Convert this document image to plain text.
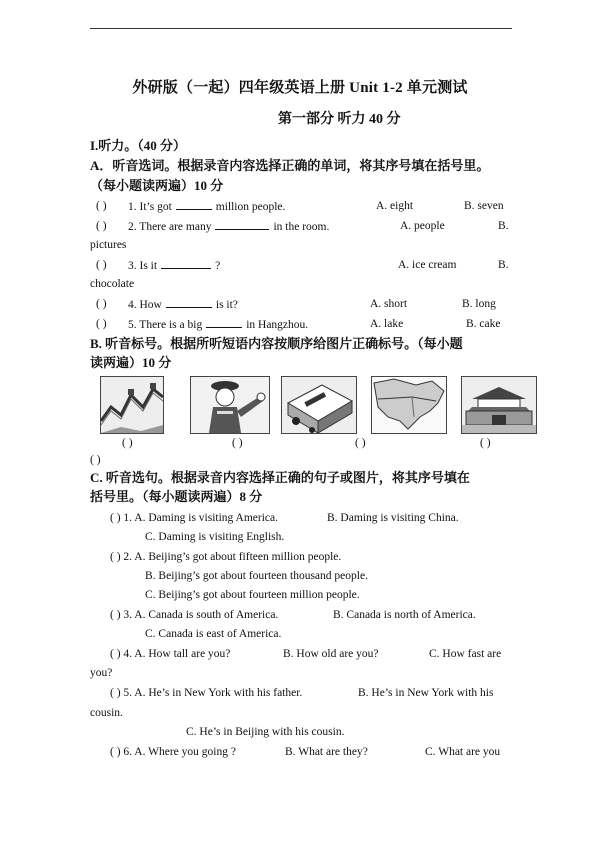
外研版（一起）四年级英语上册 Unit 1-2 单元测试
第一部分 听力 40 分
I.听力。（40 分）
A．听音选词。根据录音内容选择正确的单词，将其序号填在括号里。
（每小题读两遍）10 分
( ) 1. It’s got	million people.	A. eight	B. seven
( ) 2. There are many	in the room.	A. people	B.
pictures
( ) 3. Is it	?	A. ice cream	B.
chocolate
( ) 4. How	is it?	A. short	B. long
( ) 5. There is a big	in Hangzhou.	A. lake	B. cake
B. 听音标号。根据所听短语内容按顺序给图片正确标号。（每小题
读两遍）10 分
( )	( )	( )	( )
( )
C. 听音选句。根据录音内容选择正确的句子或图片，将其序号填在
括号里。（每小题读两遍）8 分
( ) 1. A. Daming is visiting America.	B. Daming is visiting China.
C. Daming is visiting English.
( ) 2. A. Beijing’s got about fifteen million people.
B. Beijing’s got about fourteen thousand people.
C. Beijing’s got about fourteen million people.
( ) 3. A. Canada is south of America.	B. Canada is north of America.
C. Canada is east of America.
( ) 4. A. How tall are you?	B. How old are you?	C. How fast are
you?
( ) 5. A. He’s in New York with his father.	B. He’s in New York with his
cousin.
C. He’s in Beijing with his cousin.
( ) 6. A. Where you going ?	B. What are they?	C. What are you
